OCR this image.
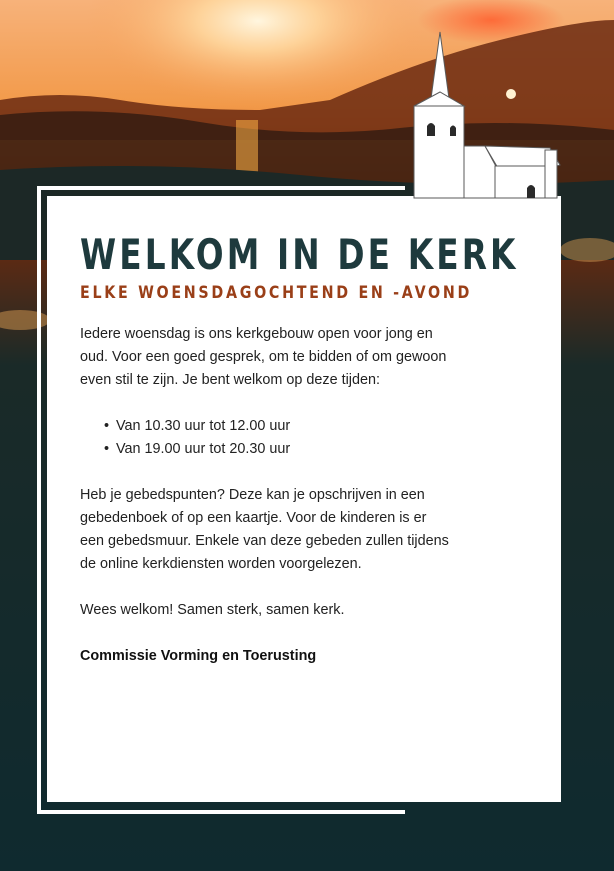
WELKOM IN DE KERK
ELKE WOENSDAGOCHTEND EN -AVOND

Iedere woensdag is ons kerkgebouw open voor jong en oud. Voor een goed gesprek, om te bidden of om gewoon even stil te zijn. Je bent welkom op deze tijden:

• Van 10.30 uur tot 12.00 uur
• Van 19.00 uur tot 20.30 uur

Heb je gebedspunten? Deze kan je opschrijven in een gebedenboek of op een kaartje. Voor de kinderen is er een gebedsmuur. Enkele van deze gebeden zullen tijdens de online kerkdiensten worden voorgelezen.

Wees welkom! Samen sterk, samen kerk.

Commissie Vorming en Toerusting
